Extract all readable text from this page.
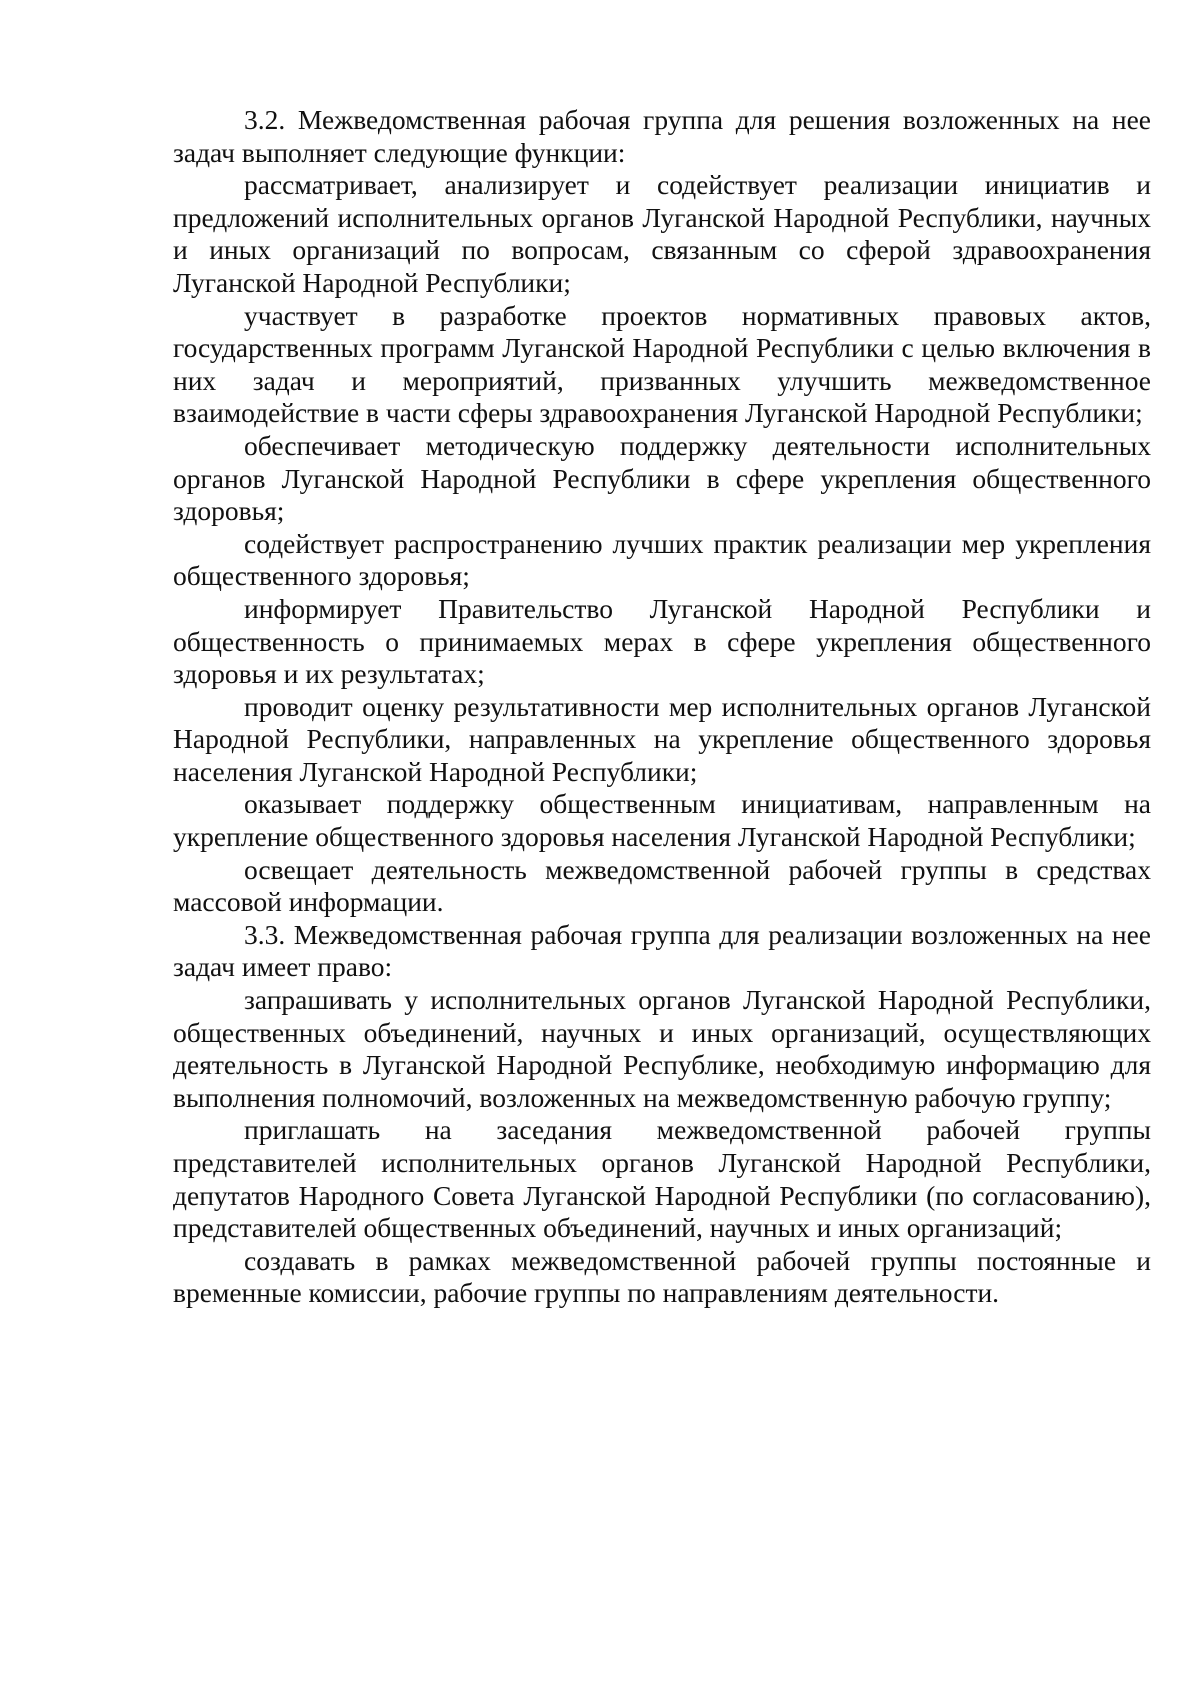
3.2. Межведомственная рабочая группа для решения возложенных на нее задач выполняет следующие функции:

рассматривает, анализирует и содействует реализации инициатив и предложений исполнительных органов Луганской Народной Республики, научных и иных организаций по вопросам, связанным со сферой здравоохранения Луганской Народной Республики;

участвует в разработке проектов нормативных правовых актов, государственных программ Луганской Народной Республики с целью включения в них задач и мероприятий, призванных улучшить межведомственное взаимодействие в части сферы здравоохранения Луганской Народной Республики;

обеспечивает методическую поддержку деятельности исполнительных органов Луганской Народной Республики в сфере укрепления общественного здоровья;

содействует распространению лучших практик реализации мер укрепления общественного здоровья;

информирует Правительство Луганской Народной Республики и общественность о принимаемых мерах в сфере укрепления общественного здоровья и их результатах;

проводит оценку результативности мер исполнительных органов Луганской Народной Республики, направленных на укрепление общественного здоровья населения Луганской Народной Республики;

оказывает поддержку общественным инициативам, направленным на укрепление общественного здоровья населения Луганской Народной Республики;

освещает деятельность межведомственной рабочей группы в средствах массовой информации.

3.3. Межведомственная рабочая группа для реализации возложенных на нее задач имеет право:

запрашивать у исполнительных органов Луганской Народной Республики, общественных объединений, научных и иных организаций, осуществляющих деятельность в Луганской Народной Республике, необходимую информацию для выполнения полномочий, возложенных на межведомственную рабочую группу;

приглашать на заседания межведомственной рабочей группы представителей исполнительных органов Луганской Народной Республики, депутатов Народного Совета Луганской Народной Республики (по согласованию), представителей общественных объединений, научных и иных организаций;

создавать в рамках межведомственной рабочей группы постоянные и временные комиссии, рабочие группы по направлениям деятельности.
